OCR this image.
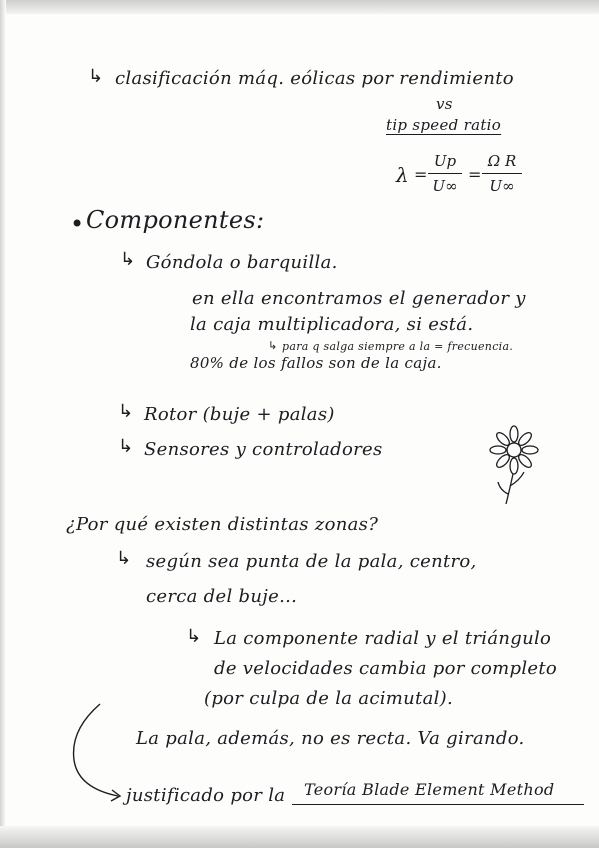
↳ clasificación máq. eólicas por rendimiento
vs
tip speed ratio
λ =
Up
U∞
=
Ω R
U∞
• Componentes:
↳ Góndola o barquilla.
en ella encontramos el generador y
la caja multiplicadora, si está.
↳ para q salga siempre a la = frecuencia.
80% de los fallos son de la caja.
↳ Rotor (buje + palas)
↳ Sensores y controladores
¿Por qué existen distintas zonas?
↳ según sea punta de la pala, centro,
cerca del buje...
↳ La componente radial y el triángulo
de velocidades cambia por completo
(por culpa de la acimutal).
La pala, además, no es recta. Va girando.
justificado por la Teoría Blade Element Method
